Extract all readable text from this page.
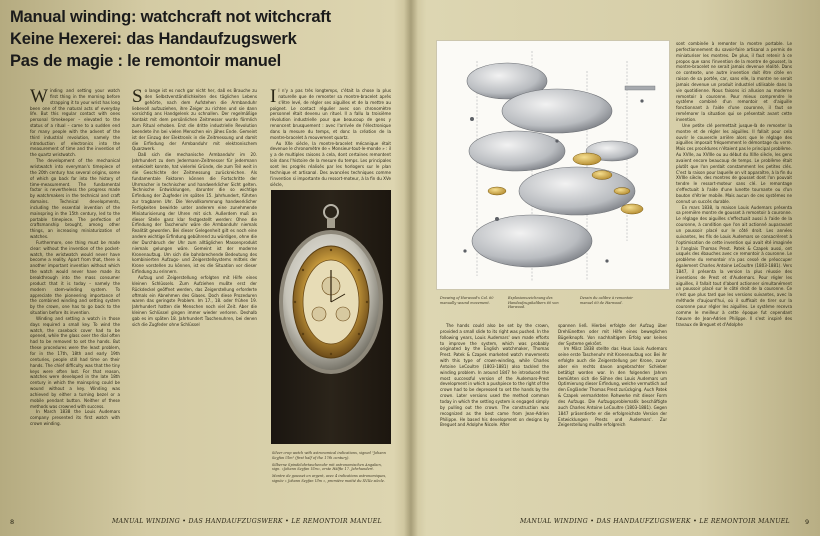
Manual winding: watchcraft not witchcraft
Keine Hexerei: das Handaufzugswerk
Pas de magie : le remontoir manuel
W inding and setting your watch first thing in the morning before strapping it to your wrist has long been one of the natural acts of everyday life. But this regular contact with ones personal timekeeper – elevated to the status of a ritual – came to a sudden end for many people with the advent of the third industrial revolution, namely the introduction of electronics into the measurement of time and the invention of the quartz wristwatch.

The development of the mechanical wristwatch into everyman's timepiece of the 20th century has several origins, some of which go back far into the history of time-measurement. The fundamental factor is nevertheless the progress made by watchmakers in the technical and craft domains. Technical developments, including the essential invention of the mainspring in the 15th century, led to the portable timepiece. The perfection of craftsmanship brought, among other things, an increasing miniaturization of watches.

Furthermore, one thing must be made clear: without the invention of the pocket-watch, the wristwatch would never have become a reality. Apart from that, there is another important invention without which the watch would never have made its breakthrough into the mass consumer product that it is today – namely the modern stem-winding system. To appreciate the pioneering importance of the combined winding and setting system by the crown, one has to go back to the situation before its invention.

Winding and setting a watch in those days required a small key. To wind the watch, the caseback cover had to be opened, while the glass over the dial often had to be removed to set the hands. But these procedures were the least problem, for in the 17th, 18th and early 19th centuries, people still had time on their hands. The chief difficulty was that the tiny keys were often lost. For that reason, watches were developed in the late 18th century in which the mainspring could be wound without a key. Winding was achieved by either a turning bezel or a mobile pendant button. Neither of these methods was crowned with success.

In March 1838 the Louis Audemars company presented its first watch with crown winding.

S o lange ist es noch gar nicht her, daß es Brauche zu den Selbstverständlichkeiten des täglichen Lebens gehörte, nach dem Aufstehen die Armbanduhr liebevoll aufzuziehen, ihre Zeiger zu richten und sie dann vorsichtig ans Handgelenk zu schnallen. Der regelmäßige Kontakt mit dem persönlichen Zeitmesser wurde förmlich zum Ritual erhoben. Erst die dritte industrielle Revolution beendete ihn bei vielen Menschen ein jähes Ende. Gemeint ist der Einzug der Elektronik in die Zeitmessung und damit die Erfindung der Armbanduhr mit elektronischem Quarzwerk.

Daß sich die mechanische Armbanduhr im 20. Jahrhundert zu dem Jedermann-Zeitmesser für jedermann entwickelt konnte, hat vielerlei Gründe, die zum Teil weit in die Geschichte der Zeitmessung zurückreichen. Als fundamentale Faktoren können die Fortschritte der Uhrmacher in technischer und handwerklicher Sicht gelten. Technische Entwicklungen, darunter die so wichtige Erfindung der Zugfeder im späten 15. Jahrhundert, führten zur tragbaren Uhr. Die Vervollkommnung handwerklicher Fertigkeiten bewirkte unter anderem eine zunehmende Miniaturisierung der Uhren mit sich. Außerdem muß an dieser Stelle ganz klar festgestellt werden: Ohne die Erfindung der Taschenuhr wäre die Armbanduhr niemals Realität geworden. Bei dieser Gelegenheit gilt es noch eine andere wichtige Erfindung gebührend zu würdigen, ohne die der Durchbruch der Uhr zum alltäglichen Massenprodukt niemals gelungen wäre. Gemeint ist der moderne Kronenaufzug. Um sich die bahnbrechende Bedeutung des kombinierten Aufzugs- und Zeigerstellsystems mittels der Krone vorstellen zu können, ist es die Situation vor dieser Erfindung zu erinnern.

Aufzug und Zeigerstellung erfolgten mit Hilfe eines kleinen Schlüssels. Zum Aufziehen mußte erst der Rückdeckel geöffnet werden, das Zeigerstellung erforderte oftmals ein Abnehmen des Glases. Doch diese Prozeduren waren das geringste Problem. Im 17., 18. oder frühen 19. Jahrhundert hatten die Menschen noch viel Zeit. Aber die kleinen Schlüssel gingen immer wieder verloren. Deshalb gab es im späten 18. Jahrhundert Taschenuhren, bei denen sich die Zugfeder ohne Schlüssel

I l n'y a pas très longtemps, c'était la chose la plus naturelle que de remonter sa montre-bracelet après s'être levé, de régler ses aiguilles et de la mettre au poignet. Le contact régulier avec son chronomètre personnel était devenu un rituel. Il a fallu la troisième révolution industrielle pour que beaucoup de gens y renoncent brusquement : avec l'arrivée de l'électronique dans la mesure du temps, et donc la création de la montre-bracelet à mouvement quartz.

Au XXe siècle, la montre-bracelet mécanique était devenue le chronomètre de « Monsieur-tout-le-monde » : il y a de multiples raisons à cela, dont certaines remontent loin dans l'histoire de la mesure du temps. Les principales sont les progrès réalisés par les horlogers sur le plan technique et artisanal. Des avancées techniques comme l'invention si importante du ressort-moteur, à la fin du XVe siècle,

Silver crop watch with astronomical indications, signed "Johann Seyfan Ulm" (first half of the 17th century).
Silberne Spindeluhrtaschenuhr mit astronomischen Angaben, sign. «Johann Seyfan Ulm», erste Hälfte 17. Jahrhundert.
Montre de gousset en argent, avec 4 indications astronomiques, signée « Johann Seyfan Ulm », première moitié du XVIIe siècle.
8	MANUAL WINDING • DAS HANDAUFZUGSWERK • LE REMONTOIR MANUEL
Drawing of Harwood's Cal. 60 manually wound movement.
Explosionszeichnung des Handaufzugskalibers 60 von Harwood.
Dessin du calibre à remontoir manuel 60 de Harwood.

The hands could also be set by the crown, provided a small slide to its right was pushed. In the following years, Louis Audemars' own made efforts to improve the system, which was probably originated by the English watchmaker, Thomas Prest. Patek & Czapek marketed watch movements with this type of crown-winding, while Charles Antoine LeCoultre (1803-1881) also tackled the winding problem. In around 1847 he introduced the most successful version of the Audemars-Prest development in which a pushpiece to the right of the crown had to be depressed to set the hands by the crown. Later versions used the method common today in which the setting system is engaged simply by pulling out the crown. The construction was recognized as the best came from Jean-Adrien Philippe. He based his development on designs by Breguet and Adolphe Nicole. After

spannen ließ. Hierbei erfolgte der Aufzug über Drehlünetten oder mit Hilfe eines beweglichen Bügelknopfs. Von nachhaltigem Erfolg war keines der Systeme gekrönt.

Im März 1838 stellte das Haus Louis Audemars seine erste Taschenuhr mit Kronenaufzug vor. Bei ihr erfolgte auch die Zeigerstellung per Krone, zuvor aber ein rechts davon angebrachter Schieber betätigt worden war. In den folgenden Jahren bemühten sich die Söhne des Louis Audemars um Optimierung dieser Erfindung, welche vermutlich auf den Engländer Thomas Prest zurückging. Auch Patek & Czapek vermarkteten Rohwerke mit dieser Form des Aufzugs. Die Aufzugsproblematik beschäftigte auch Charles Antoine LeCoultre (1803-1881). Gegen 1847 präsentierte er die erfolgreichste Version der Entwicklungen Prests und Audemars'. Zur Zeigerstellung mußte erfolgreich

sont combinée à remonter la montre portable. Le perfectionnement du savoir-faire artisanal a permis de miniaturiser les montres. De plus, il faut retenir à ce propos que sans l'invention de la montre de gousset, la montre-bracelet ne serait jamais devenue réalité. Dans ce contexte, une autre invention doit être citée en raison de sa portée, car, sans elle, la montre ne serait jamais devenue un produit industriel utilisable dans la vie quotidienne. Nous faisons ici allusion au moderne remontoir à couronne. Pour mieux comprendre le système combiné d'un remontoir et d'aiguille fonctionnant à l'aide d'une couronne, il faut se remémorer la situation qui se présentait avant cette invention.

Une petite clé permettait jusque-là de remonter la montre et de régler les aiguilles. Il fallait pour cela ouvrir le couvercle arrière alors que le réglage des aiguilles imposait fréquemment le démontage du verre. Mais ces procédures n'étaient pas le principal problème. Au XVIIe, au XVIIIe ou au début du XIXe siècle, les gens avaient encore beaucoup de temps. Le problème était plutôt que l'on perdait constamment les petites clés. C'est la raison pour laquelle on vit apparaître, à la fin du XVIIIe siècle, des montres de gousset dont l'on pouvait tendre le ressort-moteur sans clé. Le remontage s'effectuait à l'aide d'une lunette tournante ou d'un bouton d'étrier mobile. Mais aucun de ces systèmes ne connut un succès durable.

En mars 1838, la maison Louis Audemars présenta sa première montre de gousset à remontoir à couronne. Le réglage des aiguilles s'effectuait aussi à l'aide de la couronne, à condition que l'on ait actionné auparavant un poussoir placé sur le côté droit. Les années suivantes, les fils de Louis Audemars se consacrèrent à l'optimisation de cette invention qui avait été imaginée à l'anglais Thomas Prest. Patek & Czapek aussi, ont usqués des ébauches avec ce remontoir à couronne. Le problème du remontoir n'a pas cessé de préoccuper également Charles Antoine LeCoultre (1803-1881). Vers 1847, il présenta la version la plus réussie des inventions de Prest et d'Audemars. Pour régler les aiguilles, il fallait tout d'abord actionner simultanément un poussoir placé sur le côté droit de la couronne. Ce n'est que plus tard que les versions suivantes, avec la méthode d'aujourd'hui, où il suffisait de tirer sur la couronne pour régler les aiguilles. Le système recevra comme le meilleur à cette époque fut cependant l'œuvre de Jean-Adrien Philippe. Il s'est inspiré des travaux de Breguet et d'Adolphe

MANUAL WINDING • DAS HANDAUFZUGSWERK • LE REMONTOIR MANUEL 9
